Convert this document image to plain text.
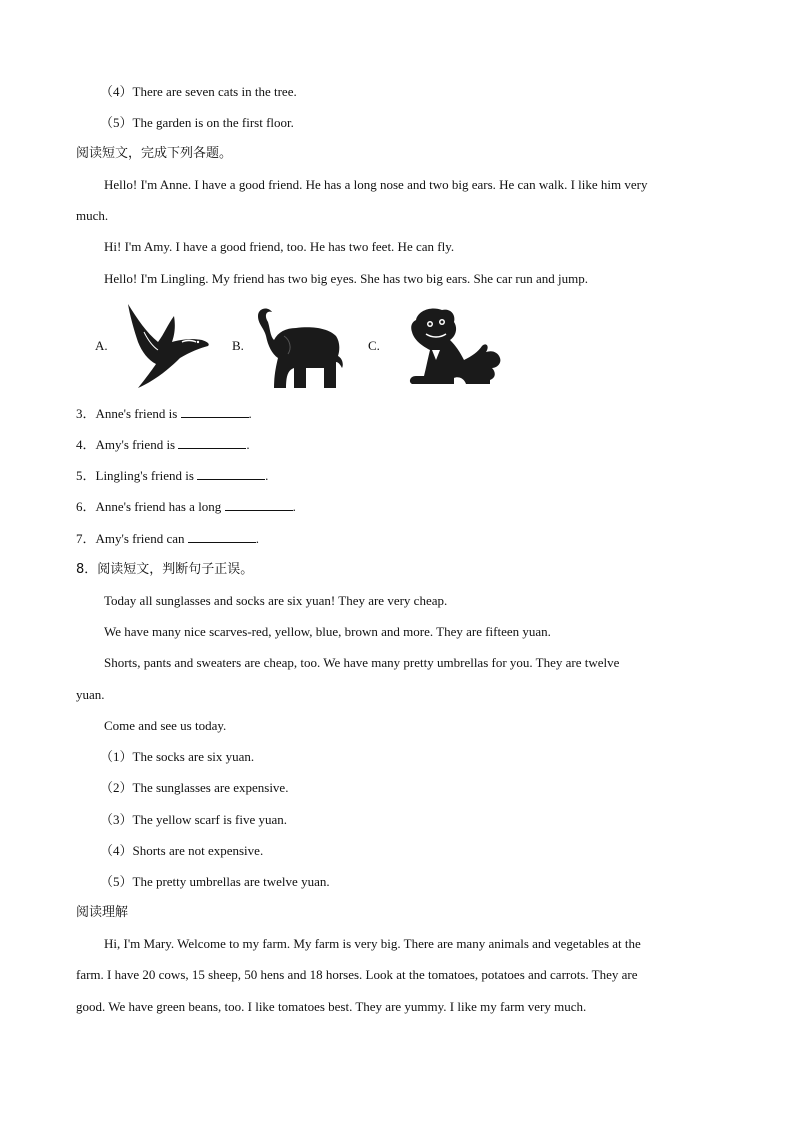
（4）There are seven cats in the tree.
（5）The garden is on the first floor.
阅读短文，完成下列各题。
Hello! I'm Anne. I have a good friend. He has a long nose and two big ears. He can walk. I like him very
much.
Hi! I'm Amy. I have a good friend, too. He has two feet. He can fly.
Hello! I'm Lingling. My friend has two big eyes. She has two big ears. She car run and jump.
A.	B.	C.
3．Anne's friend is	.
4．Amy's friend is	.
5．Lingling's friend is	.
6．Anne's friend has a long	.
7．Amy's friend can	.
8．阅读短文，判断句子正误。
Today all sunglasses and socks are six yuan! They are very cheap.
We have many nice scarves-red, yellow, blue, brown and more. They are fifteen yuan.
Shorts, pants and sweaters are cheap, too. We have many pretty umbrellas for you. They are twelve
yuan.
Come and see us today.
（1）The socks are six yuan.
（2）The sunglasses are expensive.
（3）The yellow scarf is five yuan.
（4）Shorts are not expensive.
（5）The pretty umbrellas are twelve yuan.
阅读理解
Hi, I'm Mary. Welcome to my farm. My farm is very big. There are many animals and vegetables at the
farm. I have 20 cows, 15 sheep, 50 hens and 18 horses. Look at the tomatoes, potatoes and carrots. They are
good. We have green beans, too. I like tomatoes best. They are yummy. I like my farm very much.
